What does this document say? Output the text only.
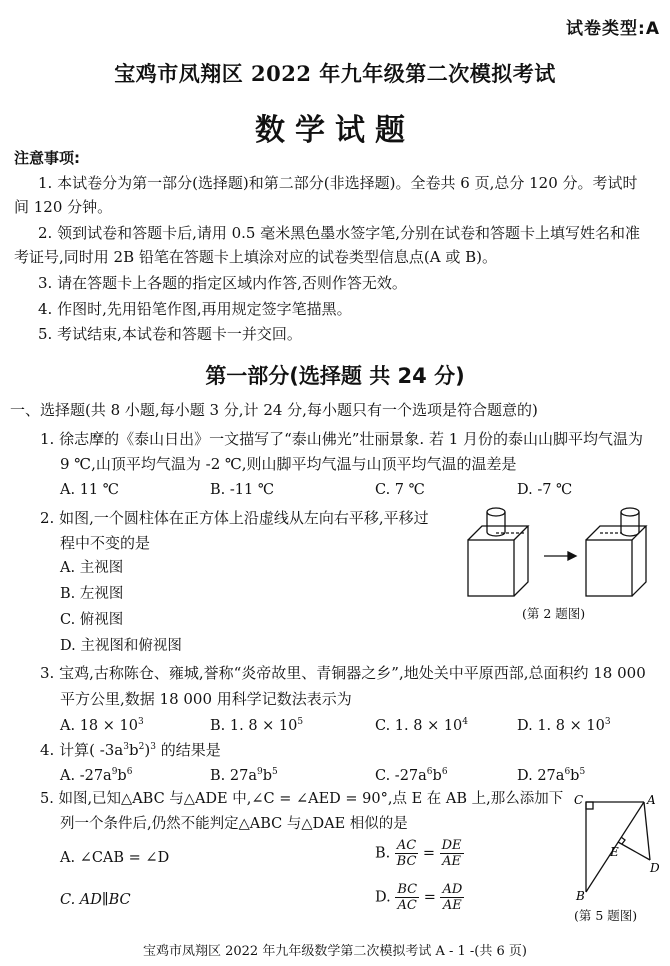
试卷类型:A
宝鸡市凤翔区 2022 年九年级第二次模拟考试
数学试题
注意事项:
1. 本试卷分为第一部分(选择题)和第二部分(非选择题)。全卷共 6 页,总分 120 分。考试时
间 120 分钟。
2. 领到试卷和答题卡后,请用 0.5 毫米黑色墨水签字笔,分别在试卷和答题卡上填写姓名和准
考证号,同时用 2B 铅笔在答题卡上填涂对应的试卷类型信息点(A 或 B)。
3. 请在答题卡上各题的指定区域内作答,否则作答无效。
4. 作图时,先用铅笔作图,再用规定签字笔描黑。
5. 考试结束,本试卷和答题卡一并交回。
第一部分(选择题 共 24 分)
一、选择题(共 8 小题,每小题 3 分,计 24 分,每小题只有一个选项是符合题意的)
1. 徐志摩的《泰山日出》一文描写了“泰山佛光”壮丽景象. 若 1 月份的泰山山脚平均气温为
9 ℃,山顶平均气温为 -2 ℃,则山脚平均气温与山顶平均气温的温差是
A. 11 ℃	B. -11 ℃	C. 7 ℃	D. -7 ℃
2. 如图,一个圆柱体在正方体上沿虚线从左向右平移,平移过
程中不变的是
A. 主视图
B. 左视图
C. 俯视图
D. 主视图和俯视图
(第 2 题图)
3. 宝鸡,古称陈仓、雍城,誉称“炎帝故里、青铜器之乡”,地处关中平原西部,总面积约 18 000
平方公里,数据 18 000 用科学记数法表示为
A. $18 \times 10^3$	B. 1. $8 \times 10^5$	C. 1. $8 \times 10^4$	D. 1. $8 \times 10^3$
4. 计算( $-3a^3b^2)^3$ 的结果是
A. $-27a^9b^6$	B. $27a^9b^5$	C. $-27a^6b^6$	D. $27a^6b^5$
5. 如图,已知△ABC 与△ADE 中,∠C = ∠AED = 90°,点 E 在 AB 上,那么添加下
列一个条件后,仍然不能判定△ABC 与△DAE 相似的是
A. ∠CAB = ∠D	B. $\frac{AC}{BC} = \frac{DE}{AE}$
C. AD∥BC	D. $\frac{BC}{AC} = \frac{AD}{AE}$
C	A
E
D
B
(第 5 题图)
宝鸡市凤翔区 2022 年九年级数学第二次模拟考试 A - 1 -(共 6 页)
